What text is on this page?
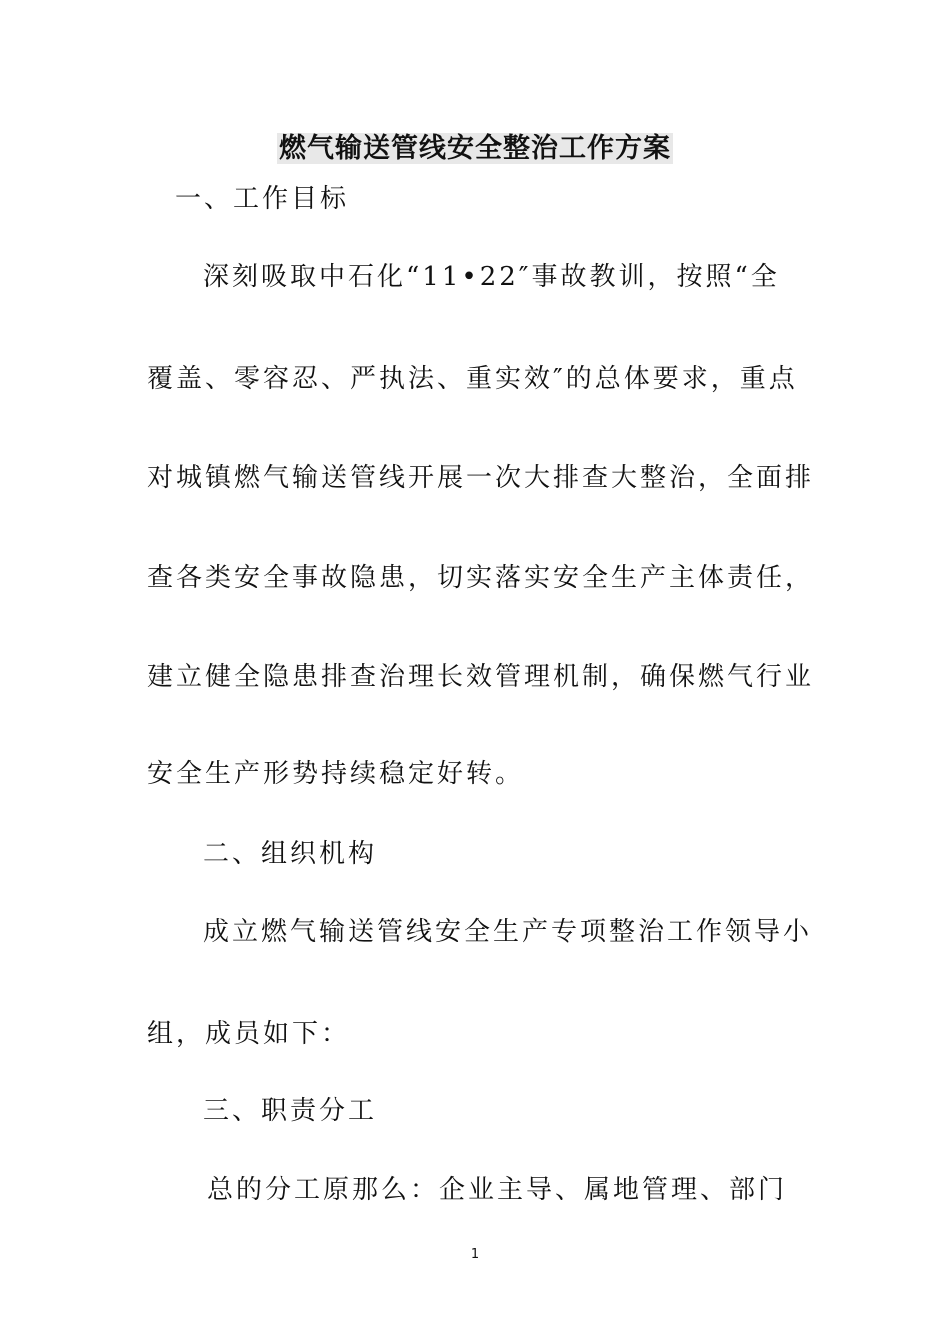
燃气输送管线安全整治工作方案
一、工作目标
深刻吸取中石化“11•22″事故教训，按照“全
覆盖、零容忍、严执法、重实效″的总体要求，重点
对城镇燃气输送管线开展一次大排查大整治，全面排
查各类安全事故隐患，切实落实安全生产主体责任，
建立健全隐患排查治理长效管理机制，确保燃气行业
安全生产形势持续稳定好转。
二、组织机构
成立燃气输送管线安全生产专项整治工作领导小
组，成员如下：
三、职责分工
总的分工原那么：企业主导、属地管理、部门
1
